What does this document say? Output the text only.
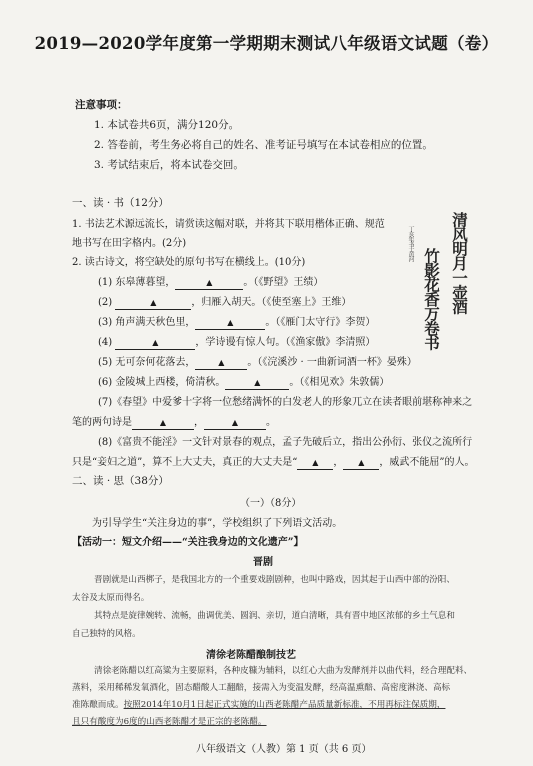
2019—2020学年度第一学期期末测试八年级语文试题（卷）
注意事项：
1. 本试卷共6页，满分120分。
2. 答卷前，考生务必将自己的姓名、准考证号填写在本试卷相应的位置。
3. 考试结束后，将本试卷交回。
一、读 · 书（12分）
1. 书法艺术源远流长，请赏读这幅对联，并将其下联用楷体正确、规范
地书写在田字格内。(2分)
2. 读古诗文，将空缺处的原句书写在横线上。(10分)	清风明月一壶酒
竹影花香万卷书
丁亥年书于黄河
(1) 东皋薄暮望，	▲	。（《野望》王绩）
(2)	▲	，归雁入胡天。（《使至塞上》王维）
(3) 角声满天秋色里，	▲	。（《雁门太守行》李贺）
(4)	▲	，学诗谩有惊人句。（《渔家傲》李清照）
(5) 无可奈何花落去，	▲ 。（《浣溪沙 · 一曲新词酒一杯》晏殊）
(6) 金陵城上西楼，倚清秋。	▲	。（《相见欢》朱敦儒）
(7)《春望》中爱爹十字将一位愁绪满怀的白发老人的形象兀立在读者眼前堪称神来之
笔的两句诗是	▲	，	▲	。
(8)《富贵不能淫》一文针对景春的观点，孟子先破后立，指出公孙衍、张仪之流所行
只是“妾妇之道”，算不上大丈夫，真正的大丈夫是“ ▲ ， ▲ ，威武不能屈”的人。
二、读 · 思（38分）
（一）（8分）
为引导学生“关注身边的事”，学校组织了下列语文活动。
【活动一：短文介绍——“关注我身边的文化遗产”】
晋剧
晋剧就是山西梆子，是我国北方的一个重要戏剧剧种，也叫中路戏，因其起于山西中部的汾阳、
太谷及太原而得名。
其特点是旋律婉转、流畅，曲调优美、圆润、亲切，道白清晰，具有晋中地区浓郁的乡土气息和
自己独特的风格。
清徐老陈醋酿制技艺
清徐老陈醋以红高粱为主要原料，各种皮糠为辅料，以红心大曲为发酵剂并以曲代料，经合理配料、
蒸料，采用稀稀发氧酒化，固态醋酸人工翻醅，接需入为变温发酵，经高温熏醅、高密度淋浇、高标
准陈酿而成。按照2014年10月1日起正式实施的山西老陈醋产品质量新标准，不用再标注保质期，
且只有酸度为6度的山西老陈醋才是正宗的老陈醋。
八年级语文（人教）第 1 页（共 6 页）
